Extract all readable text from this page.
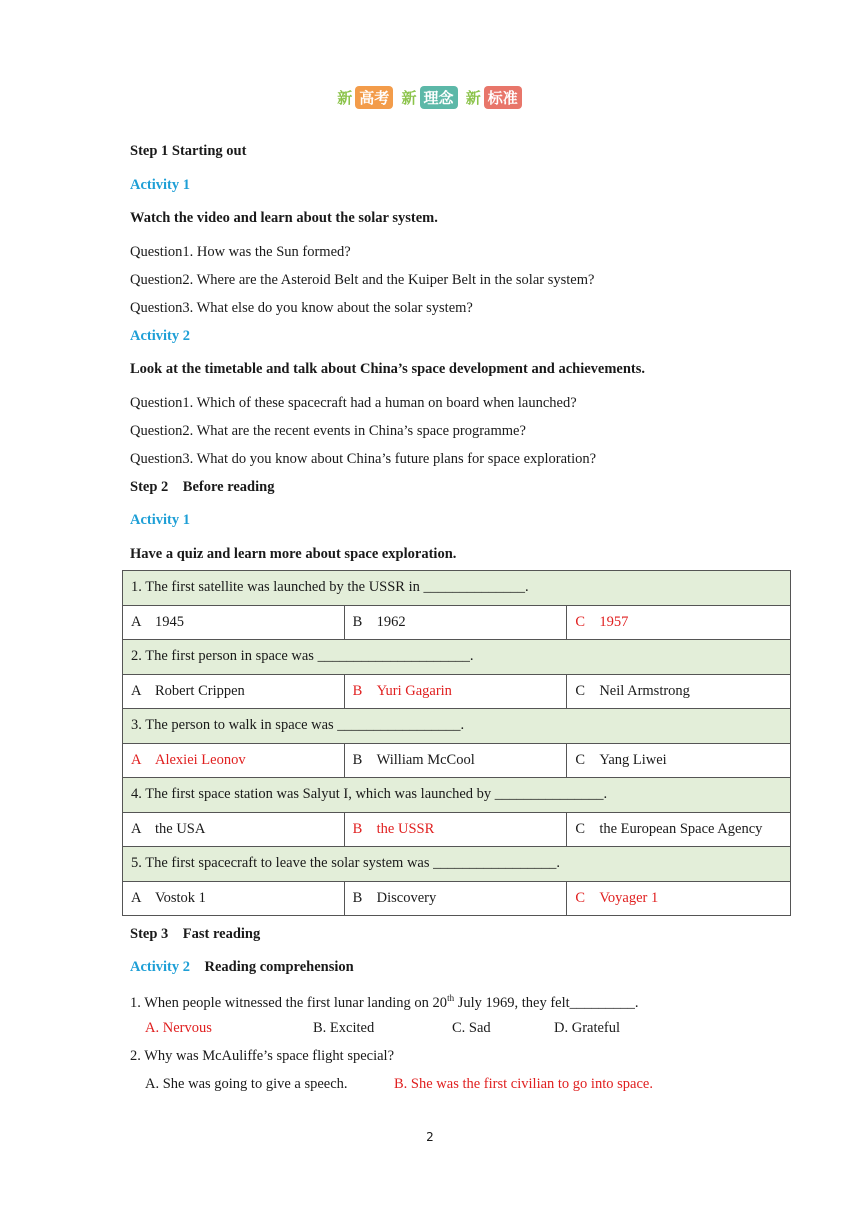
新 高考 新 理念 新 标准
Step 1 Starting out
Activity 1
Watch the video and learn about the solar system.
Question1. How was the Sun formed?
Question2. Where are the Asteroid Belt and the Kuiper Belt in the solar system?
Question3. What else do you know about the solar system?
Activity 2
Look at the timetable and talk about China’s space development and achievements.
Question1. Which of these spacecraft had a human on board when launched?
Question2. What are the recent events in China’s space programme?
Question3. What do you know about China’s future plans for space exploration?
Step 2    Before reading
Activity 1
Have a quiz and learn more about space exploration.
1. The first satellite was launched by the USSR in ______________.		
A 1945	B 1962	C 1957
2. The first person in space was _____________________.		
A Robert Crippen	B Yuri Gagarin	C Neil Armstrong
3. The person to walk in space was _________________.		
A Alexiei Leonov	B William McCool	C Yang Liwei
4. The first space station was Salyut I, which was launched by _______________.		
A the USA	B the USSR	C the European Space Agency
5. The first spacecraft to leave the solar system was _________________.		
A Vostok 1	B Discovery	C Voyager 1
Step 3    Fast reading
Activity 2 Reading comprehension
1. When people witnessed the first lunar landing on 20th July 1969, they felt_________.
A. Nervous	B. Excited	C. Sad	D. Grateful
2. Why was McAuliffe’s space flight special?
A. She was going to give a speech.	B. She was the first civilian to go into space.
2
